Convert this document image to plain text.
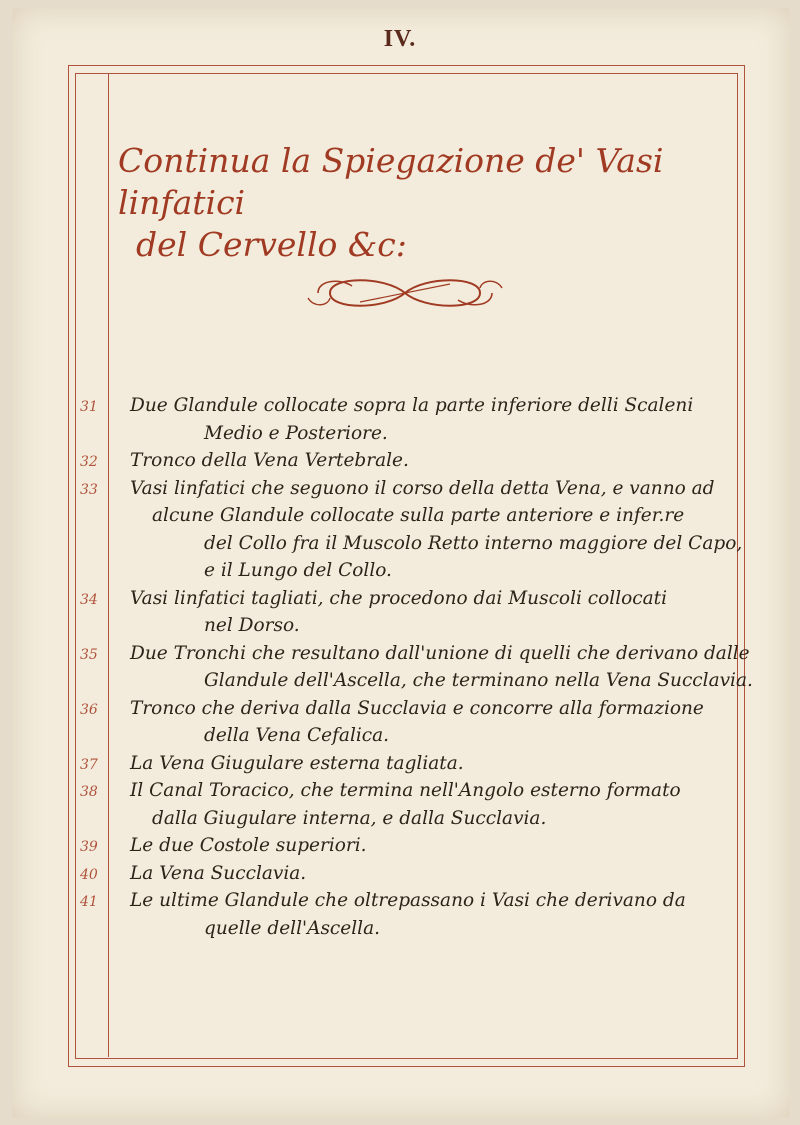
IV.
Continua la Spiegazione de' Vasi linfatici
del Cervello &c:
31	Due Glandule collocate sopra la parte inferiore delli Scaleni
Medio e Posteriore.
32	Tronco della Vena Vertebrale.
33	Vasi linfatici che seguono il corso della detta Vena, e vanno ad
alcune Glandule collocate sulla parte anteriore e infer.re
del Collo fra il Muscolo Retto interno maggiore del Capo,
e il Lungo del Collo.
34	Vasi linfatici tagliati, che procedono dai Muscoli collocati
nel Dorso.
35	Due Tronchi che resultano dall'unione di quelli che derivano dalle
Glandule dell'Ascella, che terminano nella Vena Succlavia.
36	Tronco che deriva dalla Succlavia e concorre alla formazione
della Vena Cefalica.
37	La Vena Giugulare esterna tagliata.
38	Il Canal Toracico, che termina nell'Angolo esterno formato
dalla Giugulare interna, e dalla Succlavia.
39	Le due Costole superiori.
40	La Vena Succlavia.
41	Le ultime Glandule che oltrepassano i Vasi che derivano da
quelle dell'Ascella.
